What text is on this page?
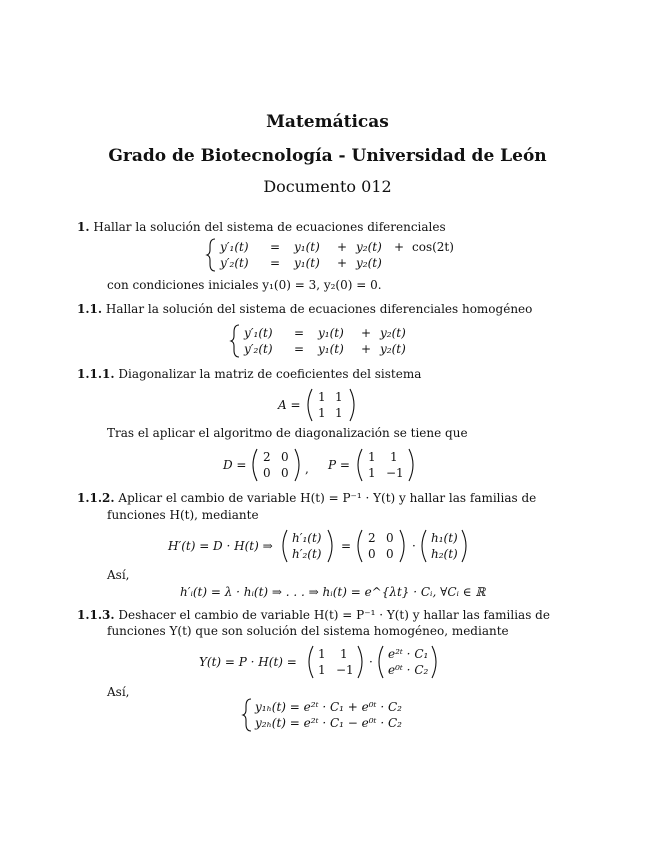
Matemáticas
Grado de Biotecnología - Universidad de León
Documento 012
1. Hallar la solución del sistema de ecuaciones diferenciales
y′₁(t) = y₁(t) + y₂(t) + cos(2t)
y′₂(t) = y₁(t) + y₂(t)
con condiciones iniciales y₁(0) = 3, y₂(0) = 0.
1.1. Hallar la solución del sistema de ecuaciones diferenciales homogéneo
y′₁(t) = y₁(t) + y₂(t)
y′₂(t) = y₁(t) + y₂(t)
1.1.1. Diagonalizar la matriz de coeficientes del sistema
A =
1 1
1 1
Tras el aplicar el algoritmo de diagonalización se tiene que
D =
2 0
0 0 , P =
1 1
1 −1
1.1.2. Aplicar el cambio de variable H(t) = P⁻¹ · Y(t) y hallar las familias de
funciones H(t), mediante
H′(t) = D · H(t) ⇒
h′₁(t)
h′₂(t)
=
2 0
0 0
·
h₁(t)
h₂(t)
Así,
h′ᵢ(t) = λ · hᵢ(t) ⇒ . . . ⇒ hᵢ(t) = e^{λt} · Cᵢ, ∀Cᵢ ∈ ℝ
1.1.3. Deshacer el cambio de variable H(t) = P⁻¹ · Y(t) y hallar las familias de
funciones Y(t) que son solución del sistema homogéneo, mediante
Y(t) = P · H(t) =
1 1
1 −1
·
e²ᵗ · C₁
e⁰ᵗ · C₂
Así,
y₁ₕ(t) = e²ᵗ · C₁ + e⁰ᵗ · C₂
y₂ₕ(t) = e²ᵗ · C₁ − e⁰ᵗ · C₂
